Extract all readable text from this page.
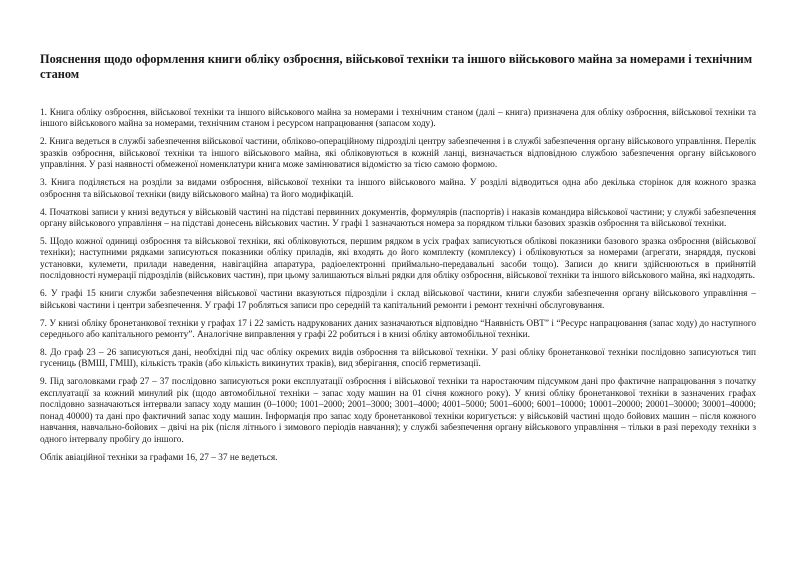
Пояснення щодо оформлення книги обліку озброєння, військової техніки та іншого військового майна за номерами і технічним станом

1. Книга обліку озброєння, військової техніки та іншого військового майна за номерами і технічним станом (далі – книга) призначена для обліку озброєння, військової техніки та іншого військового майна за номерами, технічним станом і ресурсом напрацювання (запасом ходу).

2. Книга ведеться в службі забезпечення військової частини, обліково-операційному підрозділі центру забезпечення і в службі забезпечення органу військового управління. Перелік зразків озброєння, військової техніки та іншого військового майна, які обліковуються в кожній ланці, визначається відповідною службою забезпечення органу військового управління. У разі наявності обмеженої номенклатури книга може замінюватися відомістю за тією самою формою.

3. Книга поділяється на розділи за видами озброєння, військової техніки та іншого військового майна. У розділі відводиться одна або декілька сторінок для кожного зразка озброєння та військової техніки (виду військового майна) та його модифікацій.

4. Початкові записи у книзі ведуться у військовій частині на підставі первинних документів, формулярів (паспортів) і наказів командира військової частини; у службі забезпечення органу військового управління – на підставі донесень військових частин. У графі 1 зазначаються номера за порядком тільки базових зразків озброєння та військової техніки.

5. Щодо кожної одиниці озброєння та військової техніки, які обліковуються, першим рядком в усіх графах записуються облікові показники базового зразка озброєння (військової техніки); наступними рядками записуються показники обліку приладів, які входять до його комплекту (комплексу) і обліковуються за номерами (агрегати, знаряддя, пускові установки, кулемети, прилади наведення, навігаційна апаратура, радіоелектронні приймально-передавальні засоби тощо). Записи до книги здійснюються в прийнятій послідовності нумерації підрозділів (військових частин), при цьому залишаються вільні рядки для обліку озброєння, військової техніки та іншого військового майна, які надходять.

6. У графі 15 книги служби забезпечення військової частини вказуються підрозділи і склад військової частини, книги служби забезпечення органу військового управління – військові частини і центри забезпечення. У графі 17 робляться записи про середній та капітальний ремонти і ремонт технічні обслуговування.

7. У книзі обліку бронетанкової техніки у графах 17 і 22 замість надрукованих даних зазначаються відповідно “Наявність ОВТ” і “Ресурс напрацювання (запас ходу) до наступного середнього або капітального ремонту”. Аналогічне виправлення у графі 22 робиться і в книзі обліку автомобільної техніки.

8. До граф 23 – 26 записуються дані, необхідні під час обліку окремих видів озброєння та військової техніки. У разі обліку бронетанкової техніки послідовно записуються тип гусениць (ВМШ, ГМШ), кількість траків (або кількість викинутих траків), вид зберігання, спосіб герметизації.

9. Під заголовками граф 27 – 37 послідовно записуються роки експлуатації озброєння і військової техніки та наростаючим підсумком дані про фактичне напрацювання з початку експлуатації за кожний минулий рік (щодо автомобільної техніки – запас ходу машин на 01 січня кожного року). У книзі обліку бронетанкової техніки в зазначених графах послідовно зазначаються інтервали запасу ходу машин (0–1000; 1001–2000; 2001–3000; 3001–4000; 4001–5000; 5001–6000; 6001–10000; 10001–20000; 20001–30000; 30001–40000; понад 40000) та дані про фактичний запас ходу машин. Інформація про запас ходу бронетанкової техніки коригується: у військовій частині щодо бойових машин – після кожного навчання, навчально-бойових – двічі на рік (після літнього і зимового періодів навчання); у службі забезпечення органу військового управління – тільки в разі переходу техніки з одного інтервалу пробігу до іншого.

Облік авіаційної техніки за графами 16, 27 – 37 не ведеться.
